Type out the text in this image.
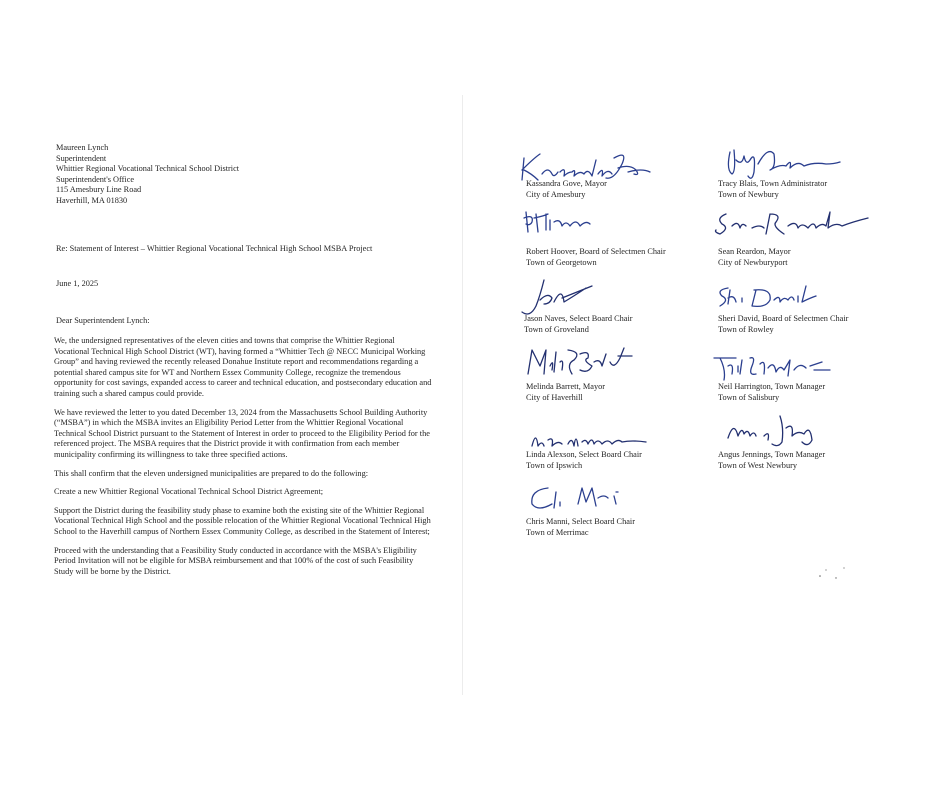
Maureen Lynch
Superintendent
Whittier Regional Vocational Technical School District
Superintendent's Office
115 Amesbury Line Road
Haverhill, MA 01830
Re: Statement of Interest – Whittier Regional Vocational Technical High School MSBA Project
June 1, 2025
Dear Superintendent Lynch:

We, the undersigned representatives of the eleven cities and towns that comprise the Whittier Regional Vocational Technical High School District (WT), having formed a “Whittier Tech @ NECC Municipal Working Group” and having reviewed the recently released Donahue Institute report and recommendations regarding a potential shared campus site for WT and Northern Essex Community College, recognize the tremendous opportunity for cost savings, expanded access to career and technical education, and postsecondary education and training such a shared campus could provide.

We have reviewed the letter to you dated December 13, 2024 from the Massachusetts School Building Authority (“MSBA”) in which the MSBA invites an Eligibility Period Letter from the Whittier Regional Vocational Technical School District pursuant to the Statement of Interest in order to proceed to the Eligibility Period for the referenced project. The MSBA requires that the District provide it with confirmation from each member municipality confirming its willingness to take three specified actions.

This shall confirm that the eleven undersigned municipalities are prepared to do the following:

Create a new Whittier Regional Vocational Technical School District Agreement;

Support the District during the feasibility study phase to examine both the existing site of the Whittier Regional Vocational Technical High School and the possible relocation of the Whittier Regional Vocational Technical High School to the Haverhill campus of Northern Essex Community College, as described in the Statement of Interest;

Proceed with the understanding that a Feasibility Study conducted in accordance with the MSBA's Eligibility Period Invitation will not be eligible for MSBA reimbursement and that 100% of the cost of such Feasibility Study will be borne by the District.

Kassandra Gove, Mayor
City of Amesbury
Tracy Blais, Town Administrator
Town of Newbury
Robert Hoover, Board of Selectmen Chair
Town of Georgetown
Sean Reardon, Mayor
City of Newburyport
Jason Naves, Select Board Chair
Town of Groveland
Sheri David, Board of Selectmen Chair
Town of Rowley
Melinda Barrett, Mayor
City of Haverhill
Neil Harrington, Town Manager
Town of Salisbury
Linda Alexson, Select Board Chair
Town of Ipswich
Angus Jennings, Town Manager
Town of West Newbury
Chris Manni, Select Board Chair
Town of Merrimac
